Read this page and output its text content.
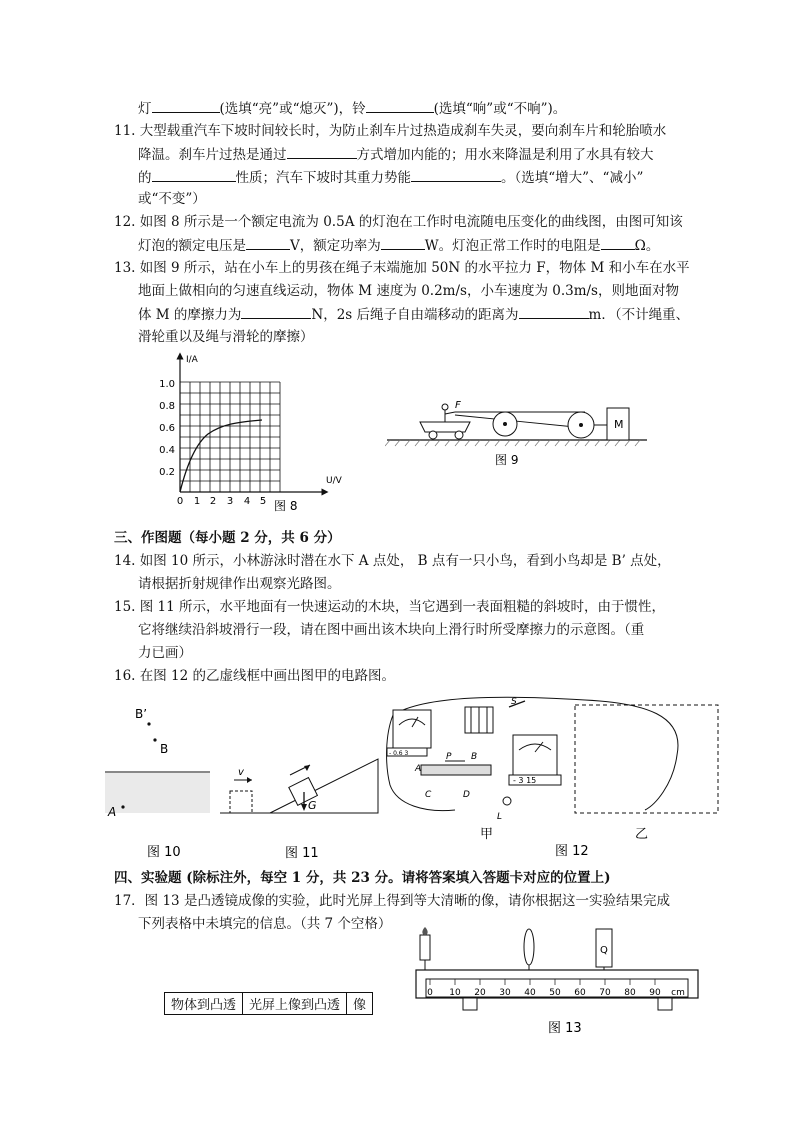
灯	(选填“亮”或“熄灭”)，铃	(选填“响”或“不响”)。
11. 大型载重汽车下坡时间较长时，为防止刹车片过热造成刹车失灵，要向刹车片和轮胎喷水
降温。刹车片过热是通过	方式增加内能的；用水来降温是利用了水具有较大
的	性质；汽车下坡时其重力势能	。（选填“增大”、“减小”
或“不变”）
12. 如图 8 所示是一个额定电流为 0.5A 的灯泡在工作时电流随电压变化的曲线图，由图可知该
灯泡的额定电压是	V，额定功率为	W。灯泡正常工作时的电阻是	Ω。
13. 如图 9 所示，站在小车上的男孩在绳子末端施加 50N 的水平拉力 F，物体 M 和小车在水平
地面上做相向的匀速直线运动，物体 M 速度为 0.2m/s，小车速度为 0.3m/s，则地面对物
体 M 的摩擦力为	N，2s 后绳子自由端移动的距离为	m．（不计绳重、
滑轮重以及绳与滑轮的摩擦）
I/A
U/V
1.0
0.8
0.6
0.4
0.2
0 1 2 3 4 5 图 8
F
M
图 9
三、作图题（每小题 2 分，共 6 分）
14. 如图 10 所示，小林游泳时潜在水下 A 点处， B 点有一只小鸟，看到小鸟却是 B’ 点处，
请根据折射规律作出观察光路图。
15. 图 11 所示，水平地面有一快速运动的木块，当它遇到一表面粗糙的斜坡时，由于惯性，
它将继续沿斜坡滑行一段，请在图中画出该木块向上滑行时所受摩擦力的示意图。（重
力已画）
16. 在图 12 的乙虚线框中画出图甲的电路图。
B’
B
A
图 10
v
G
图 11
- 0.6 3
S
- 3 15
A
P B
C	D
L
甲	乙
图 12
四、实验题 (除标注外，每空 1 分，共 23 分。请将答案填入答题卡对应的位置上)
17．图 13 是凸透镜成像的实验，此时光屏上得到等大清晰的像，请你根据这一实验结果完成
下列表格中未填完的信息。（共 7 个空格）
物体到凸透	光屏上像到凸透	像
Q
0 10 20 30 40 50 60 70 80 90 cm
图 13
